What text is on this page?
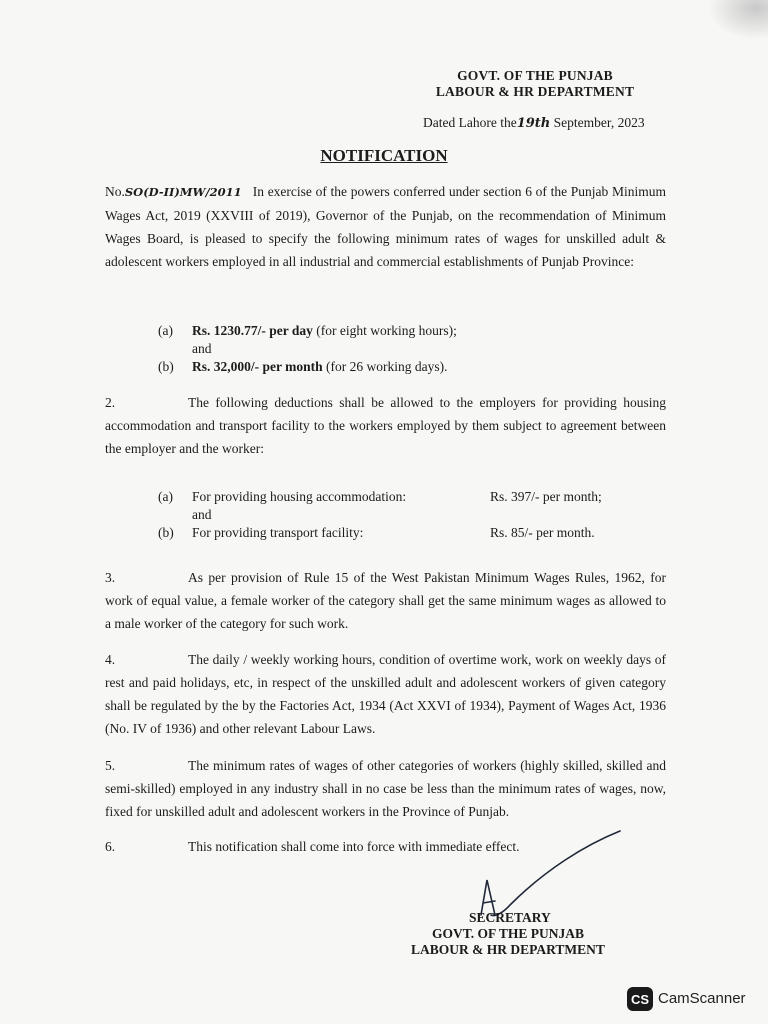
GOVT. OF THE PUNJAB
LABOUR & HR DEPARTMENT
Dated Lahore the19th September, 2023
NOTIFICATION
No.SO(D-II)MW/2011 In exercise of the powers conferred under section 6 of the Punjab Minimum Wages Act, 2019 (XXVIII of 2019), Governor of the Punjab, on the recommendation of Minimum Wages Board, is pleased to specify the following minimum rates of wages for unskilled adult & adolescent workers employed in all industrial and commercial establishments of Punjab Province:
(a) Rs. 1230.77/- per day (for eight working hours);
and
(b) Rs. 32,000/- per month (for 26 working days).
2.	The following deductions shall be allowed to the employers for providing housing accommodation and transport facility to the workers employed by them subject to agreement between the employer and the worker:
(a) For providing housing accommodation:	Rs. 397/- per month;
and
(b) For providing transport facility:	Rs. 85/- per month.
3.	As per provision of Rule 15 of the West Pakistan Minimum Wages Rules, 1962, for work of equal value, a female worker of the category shall get the same minimum wages as allowed to a male worker of the category for such work.
4.	The daily / weekly working hours, condition of overtime work, work on weekly days of rest and paid holidays, etc, in respect of the unskilled adult and adolescent workers of given category shall be regulated by the by the Factories Act, 1934 (Act XXVI of 1934), Payment of Wages Act, 1936 (No. IV of 1936) and other relevant Labour Laws.
5.	The minimum rates of wages of other categories of workers (highly skilled, skilled and semi-skilled) employed in any industry shall in no case be less than the minimum rates of wages, now, fixed for unskilled adult and adolescent workers in the Province of Punjab.
6.	This notification shall come into force with immediate effect.
SECRETARY
GOVT. OF THE PUNJAB
LABOUR & HR DEPARTMENT
CS CamScanner
